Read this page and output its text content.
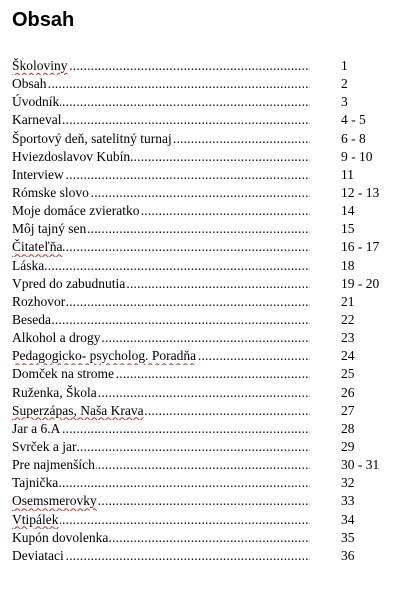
Obsah
.....
Školoviny	1
.....
Obsah	2
.....
Úvodník	3
.....
Karneval	4 - 5
.....
Športový deň, satelitný turnaj	6 - 8
.....
Hviezdoslavov Kubín	9 - 10
.....
Interview	11
.....
Rómske slovo	12 - 13
.....
Moje domáce zvieratko	14
.....
Môj tajný sen	15
.....
Čitateľňa	16 - 17
.....
Láska	18
.....
Vpred do zabudnutia	19 - 20
.....
Rozhovor	21
.....
Beseda	22
.....
Alkohol a drogy	23
.....
Pedagogicko- psycholog. Poradňa	24
.....
Domček na strome	25
.....
Ruženka, Škola	26
.....
Superzápas, Naša Krava	27
.....
Jar a 6.A	28
.....
Svrček a jar	29
.....
Pre najmenších	30 - 31
.....
Tajnička	32
.....
Osemsmerovky	33
.....
Vtipálek	34
.....
Kupón dovolenka	35
.....
Deviataci	36
